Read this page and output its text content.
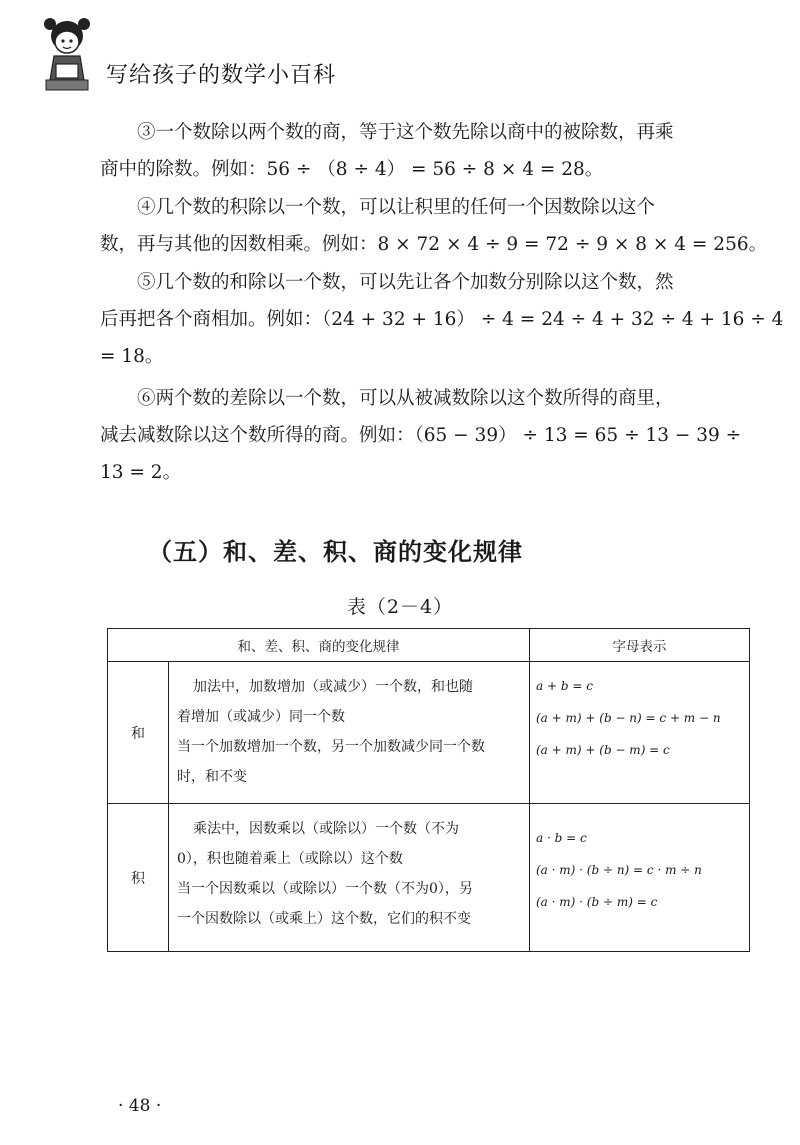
写给孩子的数学小百科
③一个数除以两个数的商，等于这个数先除以商中的被除数，再乘
商中的除数。例如：56 ÷ （8 ÷ 4） = 56 ÷ 8 × 4 = 28。
④几个数的积除以一个数，可以让积里的任何一个因数除以这个
数，再与其他的因数相乘。例如：8 × 72 × 4 ÷ 9 = 72 ÷ 9 × 8 × 4 = 256。
⑤几个数的和除以一个数，可以先让各个加数分别除以这个数，然
后再把各个商相加。例如：（24 + 32 + 16） ÷ 4 = 24 ÷ 4 + 32 ÷ 4 + 16 ÷ 4
= 18。
⑥两个数的差除以一个数，可以从被减数除以这个数所得的商里，
减去减数除以这个数所得的商。例如：（65 − 39） ÷ 13 = 65 ÷ 13 − 39 ÷
13 = 2。
（五）和、差、积、商的变化规律
表（2－4）
和、差、积、商的变化规律		字母表示
和	加法中，加数增加（或减少）一个数，和也随
着增加（或减少）同一个数
当一个加数增加一个数，另一个加数减少同一个数
时，和不变	a + b = c
(a + m) + (b − n) = c + m − n
(a + m) + (b − m) = c

积	乘法中，因数乘以（或除以）一个数（不为
0），积也随着乘上（或除以）这个数
当一个因数乘以（或除以）一个数（不为0），另
一个因数除以（或乘上）这个数，它们的积不变	a · b = c
(a · m) · (b ÷ n) = c · m ÷ n
(a · m) · (b ÷ m) = c
· 48 ·
